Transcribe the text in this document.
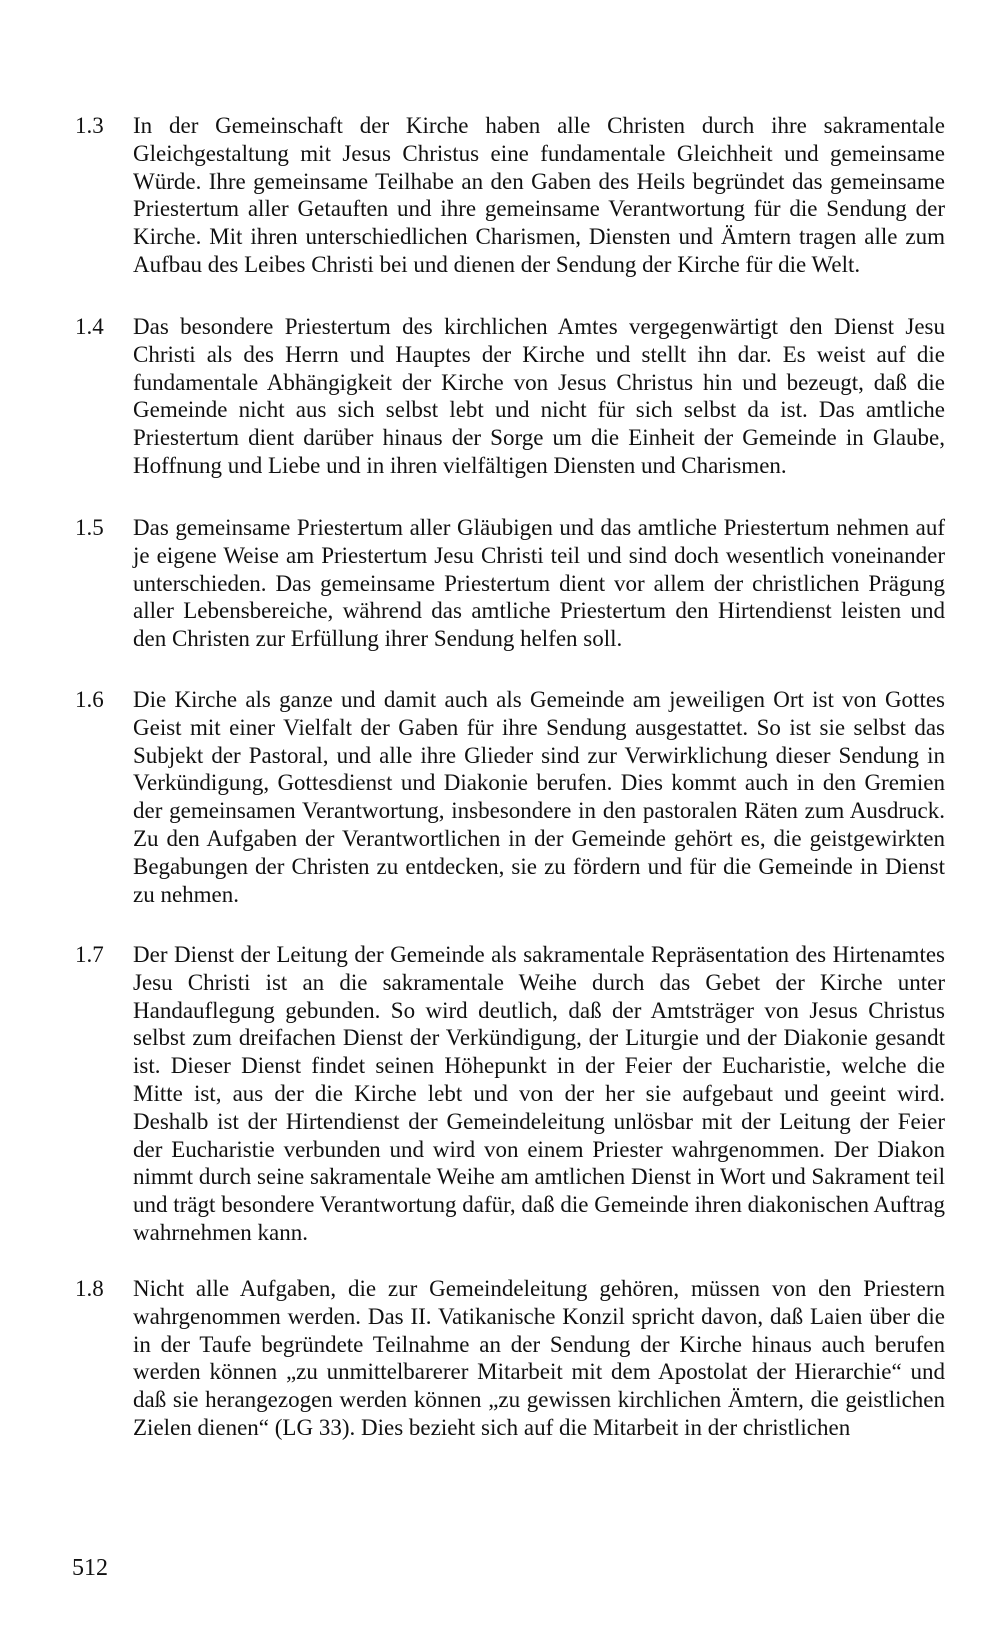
1.3	In der Gemeinschaft der Kirche haben alle Christen durch ihre sakramentale Gleichgestaltung mit Jesus Christus eine fundamentale Gleichheit und gemeinsame Würde. Ihre gemeinsame Teilhabe an den Gaben des Heils begründet das gemeinsame Priestertum aller Getauften und ihre gemeinsame Verantwortung für die Sendung der Kirche. Mit ihren unterschiedlichen Charismen, Diensten und Ämtern tragen alle zum Aufbau des Leibes Christi bei und dienen der Sendung der Kirche für die Welt.
1.4	Das besondere Priestertum des kirchlichen Amtes vergegenwärtigt den Dienst Jesu Christi als des Herrn und Hauptes der Kirche und stellt ihn dar. Es weist auf die fundamentale Abhängigkeit der Kirche von Jesus Christus hin und bezeugt, daß die Gemeinde nicht aus sich selbst lebt und nicht für sich selbst da ist. Das amtliche Priestertum dient darüber hinaus der Sorge um die Einheit der Gemeinde in Glaube, Hoffnung und Liebe und in ihren vielfältigen Diensten und Charismen.
1.5	Das gemeinsame Priestertum aller Gläubigen und das amtliche Priestertum nehmen auf je eigene Weise am Priestertum Jesu Christi teil und sind doch wesentlich voneinander unterschieden. Das gemeinsame Priestertum dient vor allem der christlichen Prägung aller Lebensbereiche, während das amtliche Priestertum den Hirtendienst leisten und den Christen zur Erfüllung ihrer Sendung helfen soll.
1.6	Die Kirche als ganze und damit auch als Gemeinde am jeweiligen Ort ist von Gottes Geist mit einer Vielfalt der Gaben für ihre Sendung ausgestattet. So ist sie selbst das Subjekt der Pastoral, und alle ihre Glieder sind zur Verwirklichung dieser Sendung in Verkündigung, Gottesdienst und Diakonie berufen. Dies kommt auch in den Gremien der gemeinsamen Verantwortung, insbesondere in den pastoralen Räten zum Ausdruck. Zu den Aufgaben der Verantwortlichen in der Gemeinde gehört es, die geistgewirkten Begabungen der Christen zu entdecken, sie zu fördern und für die Gemeinde in Dienst zu nehmen.
1.7	Der Dienst der Leitung der Gemeinde als sakramentale Repräsentation des Hirtenamtes Jesu Christi ist an die sakramentale Weihe durch das Gebet der Kirche unter Handauflegung gebunden. So wird deutlich, daß der Amtsträger von Jesus Christus selbst zum dreifachen Dienst der Verkündigung, der Liturgie und der Diakonie gesandt ist. Dieser Dienst findet seinen Höhepunkt in der Feier der Eucharistie, welche die Mitte ist, aus der die Kirche lebt und von der her sie aufgebaut und geeint wird. Deshalb ist der Hirtendienst der Gemeindeleitung unlösbar mit der Leitung der Feier der Eucharistie verbunden und wird von einem Priester wahrgenommen. Der Diakon nimmt durch seine sakramentale Weihe am amtlichen Dienst in Wort und Sakrament teil und trägt besondere Verantwortung dafür, daß die Gemeinde ihren diakonischen Auftrag wahrnehmen kann.
1.8	Nicht alle Aufgaben, die zur Gemeindeleitung gehören, müssen von den Priestern wahrgenommen werden. Das II. Vatikanische Konzil spricht davon, daß Laien über die in der Taufe begründete Teilnahme an der Sendung der Kirche hinaus auch berufen werden können „zu unmittelbarerer Mitarbeit mit dem Apostolat der Hierarchie“ und daß sie herangezogen werden können „zu gewissen kirchlichen Ämtern, die geistlichen Zielen dienen“ (LG 33). Dies bezieht sich auf die Mitarbeit in der christlichen
512
